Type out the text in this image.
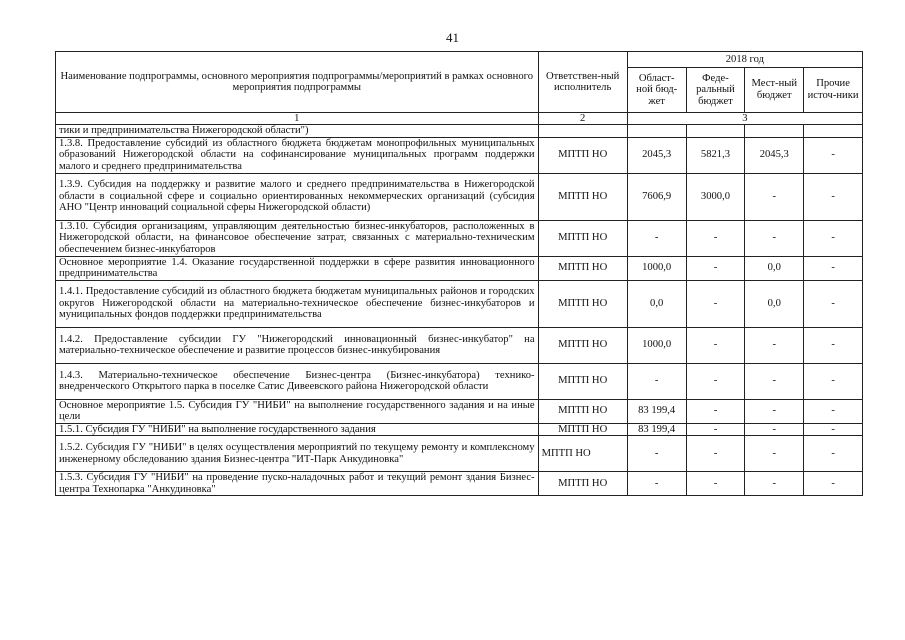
41
Наименование подпрограммы, основного мероприятия подпрограммы/мероприятий в рамках основного мероприятия подпрограммы	Ответствен-ный исполнитель	2018 год			
		Област-ной бюд-жет	Феде-ральный бюджет	Мест-ный бюджет	Прочие источ-ники
1	2	3			
тики и предпринимательства Нижегородской области")					
1.3.8. Предоставление субсидий из областного бюджета бюджетам монопрофильных муниципальных образований Нижегородской области на софинансирование муниципальных программ поддержки малого и среднего предпринимательства	МПТП НО	2045,3	5821,3	2045,3	-
1.3.9. Субсидия на поддержку и развитие малого и среднего предпринимательства в Нижегородской области в социальной сфере и социально ориентированных некоммерческих организаций (субсидия АНО "Центр инноваций социальной сферы Нижегородской области)	МПТП НО	7606,9	3000,0	-	-
1.3.10. Субсидия организациям, управляющим деятельностью бизнес-инкубаторов, расположенных в Нижегородской области, на финансовое обеспечение затрат, связанных с материально-техническим обеспечением бизнес-инкубаторов	МПТП НО	-	-	-	-
Основное мероприятие 1.4. Оказание государственной поддержки в сфере развития инновационного предпринимательства	МПТП НО	1000,0	-	0,0	-
1.4.1. Предоставление субсидий из областного бюджета бюджетам муниципальных районов и городских округов Нижегородской области на материально-техническое обеспечение бизнес-инкубаторов и муниципальных фондов поддержки предпринимательства	МПТП НО	0,0	-	0,0	-
1.4.2. Предоставление субсидии ГУ "Нижегородский инновационный бизнес-инкубатор" на материально-техническое обеспечение и развитие процессов бизнес-инкубирования	МПТП НО	1000,0	-	-	-
1.4.3. Материально-техническое обеспечение Бизнес-центра (Бизнес-инкубатора) технико-внедренческого Открытого парка в поселке Сатис Дивеевского района Нижегородской области	МПТП НО	-	-	-	-
Основное мероприятие 1.5. Субсидия ГУ "НИБИ" на выполнение государственного задания и на иные цели	МПТП НО	83 199,4	-	-	-
1.5.1. Субсидия ГУ "НИБИ" на выполнение государственного задания	МПТП НО	83 199,4	-	-	-
1.5.2. Субсидия ГУ "НИБИ" в целях осуществления мероприятий по текущему ремонту и комплексному инженерному обследованию здания Бизнес-центра "ИТ-Парк Анкудиновка"	МПТП НО	-	-	-	-
1.5.3. Субсидия ГУ "НИБИ" на проведение пуско-наладочных работ и текущий ремонт здания Бизнес-центра Технопарка "Анкудиновка"	МПТП НО	-	-	-	-
